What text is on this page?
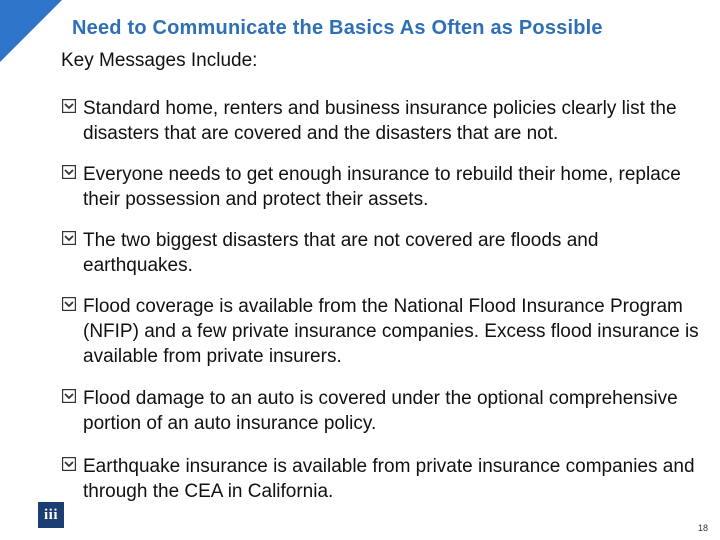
Need to Communicate the Basics As Often as Possible
Key Messages Include:
Standard home, renters and business insurance policies clearly list the disasters that are covered and the disasters that are not.
Everyone needs to get enough insurance to rebuild their home, replace their possession and protect their assets.
The two biggest disasters that are not covered are floods and earthquakes.
Flood coverage is available from the National Flood Insurance Program (NFIP) and a few private insurance companies. Excess flood insurance is available from private insurers.
Flood damage to an auto is covered under the optional comprehensive portion of an auto insurance policy.
Earthquake insurance is available from private insurance companies and through the CEA in California.
iii
18
